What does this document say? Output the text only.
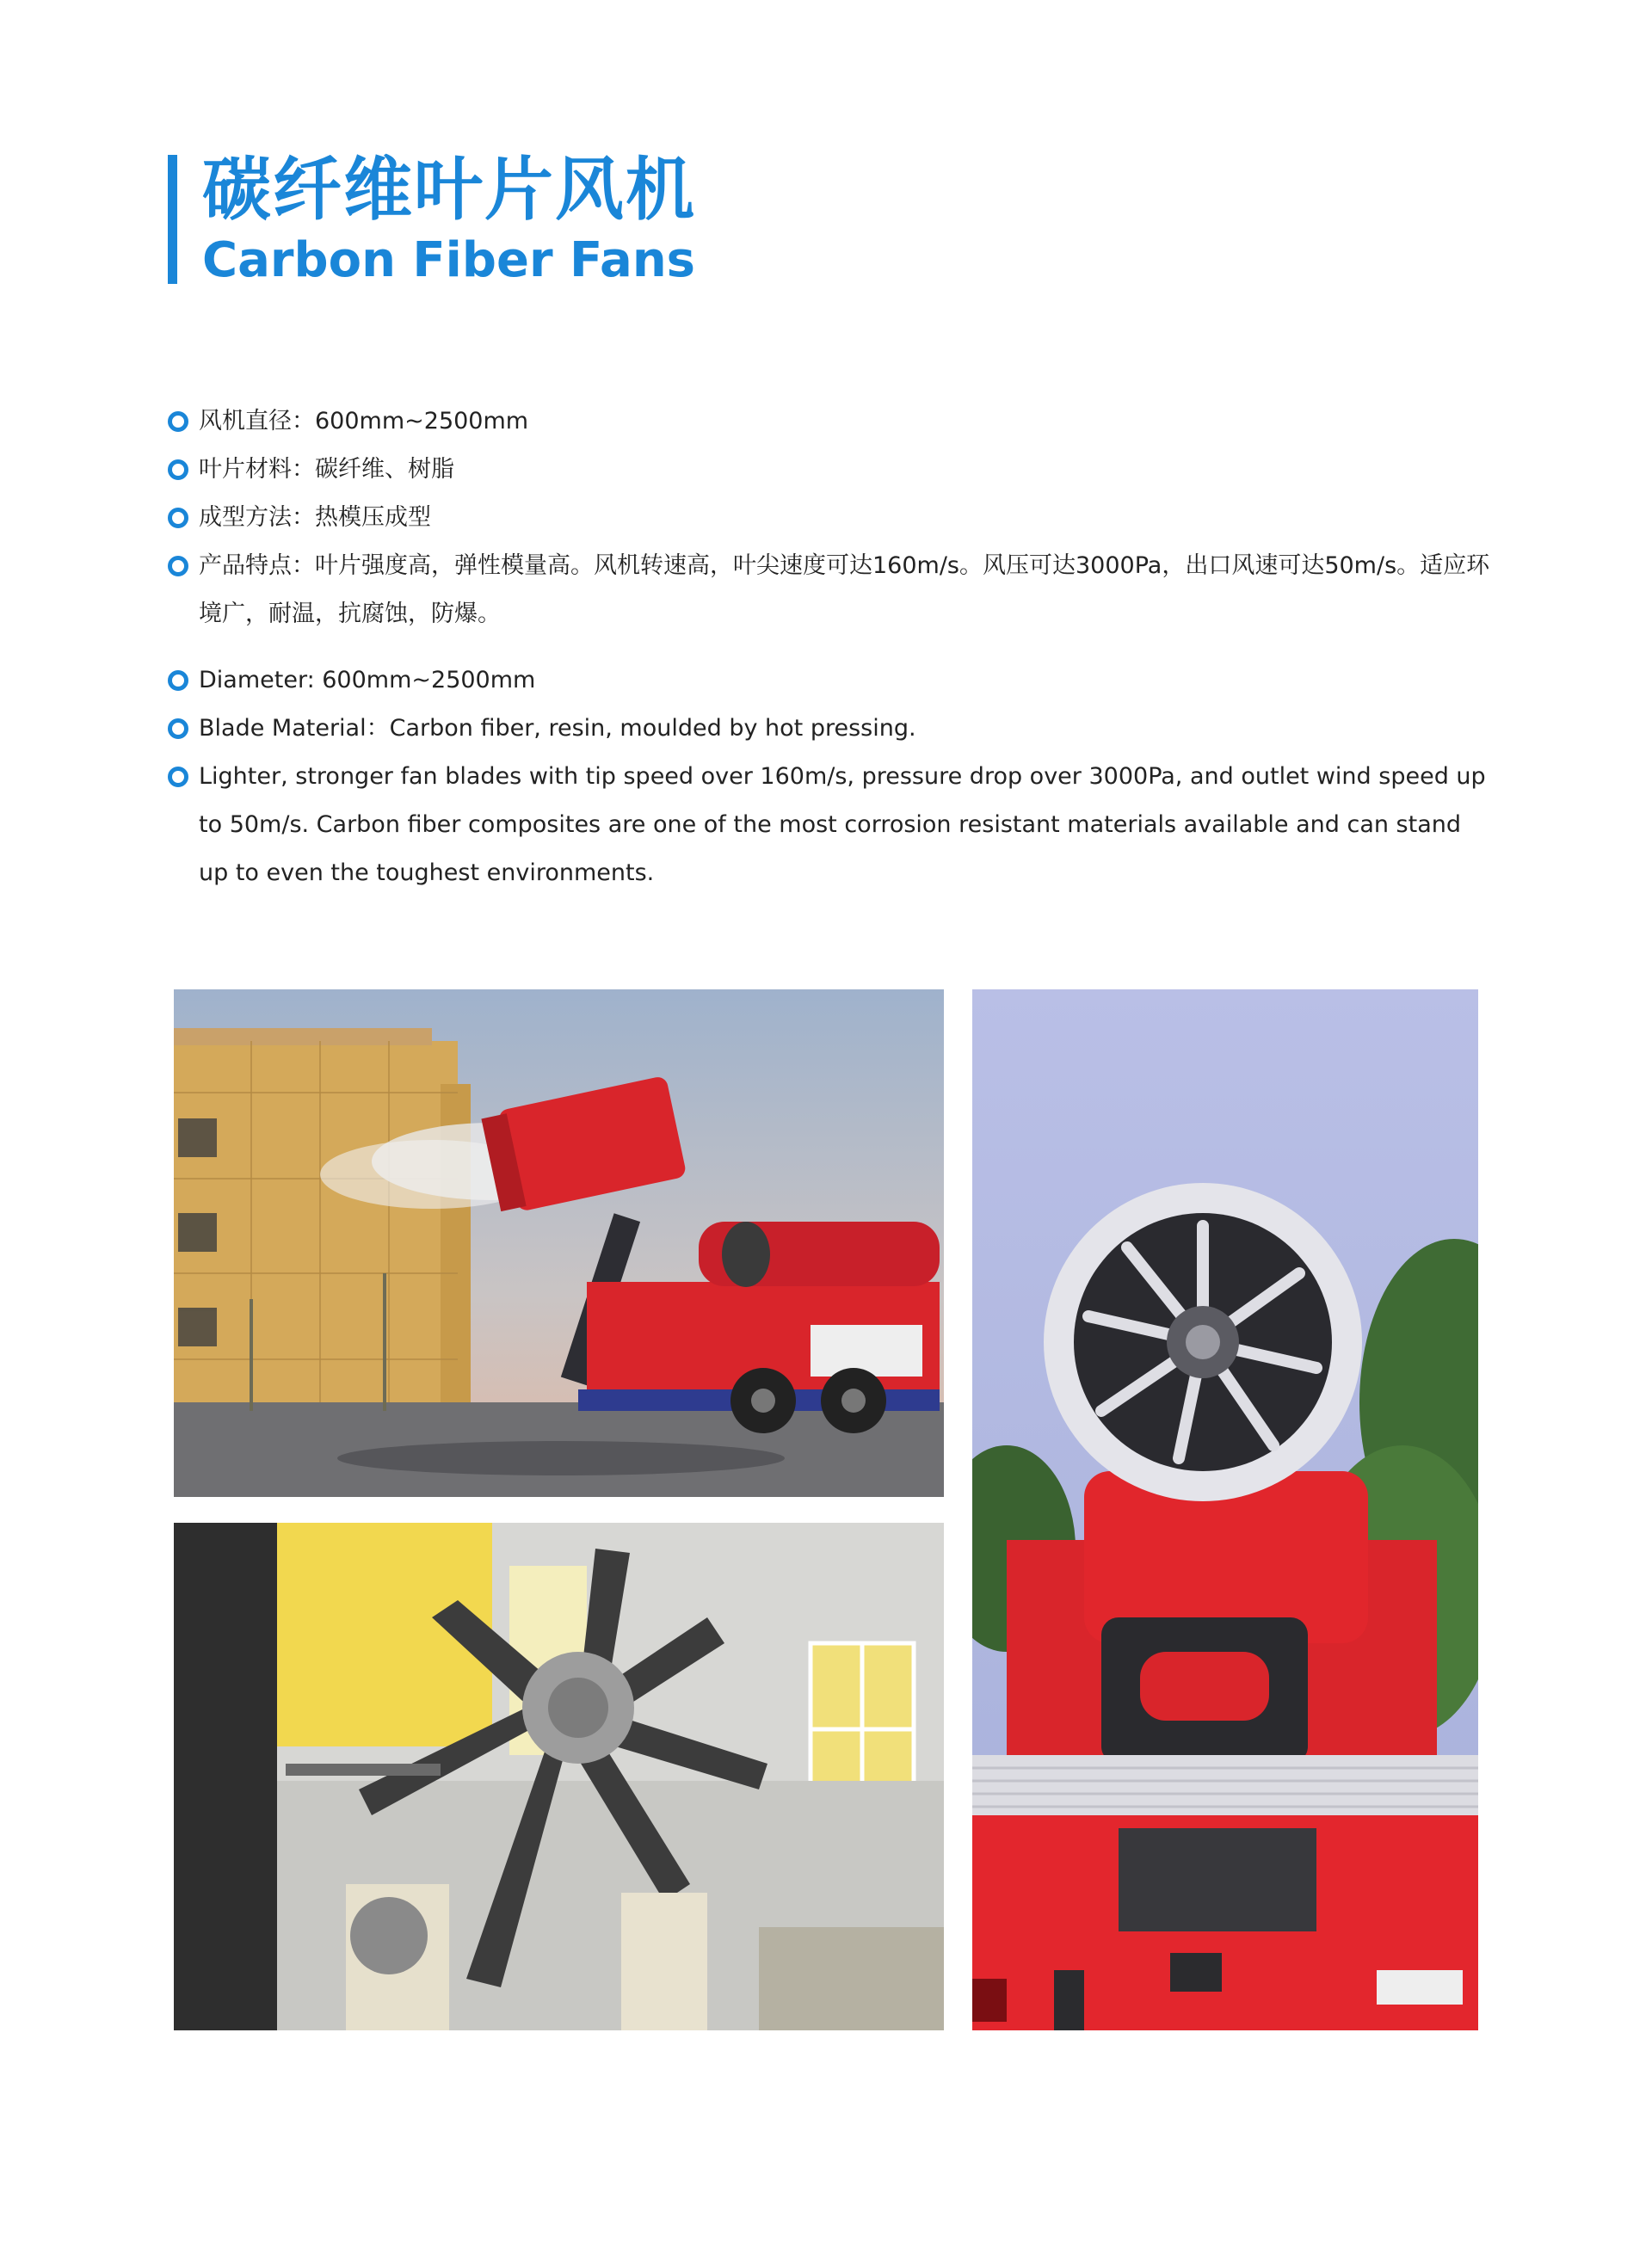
碳纤维叶片风机
Carbon Fiber Fans
风机直径：600mm~2500mm
叶片材料：碳纤维、树脂
成型方法：热模压成型
产品特点：叶片强度高，弹性模量高。风机转速高，叶尖速度可达160m/s。风压可达3000Pa，出口风速可达50m/s。适应环境广，耐温，抗腐蚀，防爆。
Diameter: 600mm~2500mm
Blade Material：Carbon fiber, resin, moulded by hot pressing.
Lighter, stronger fan blades with tip speed over 160m/s, pressure drop over 3000Pa, and outlet wind speed up to 50m/s. Carbon fiber composites are one of the most corrosion resistant materials available and can stand up to even the toughest environments.
